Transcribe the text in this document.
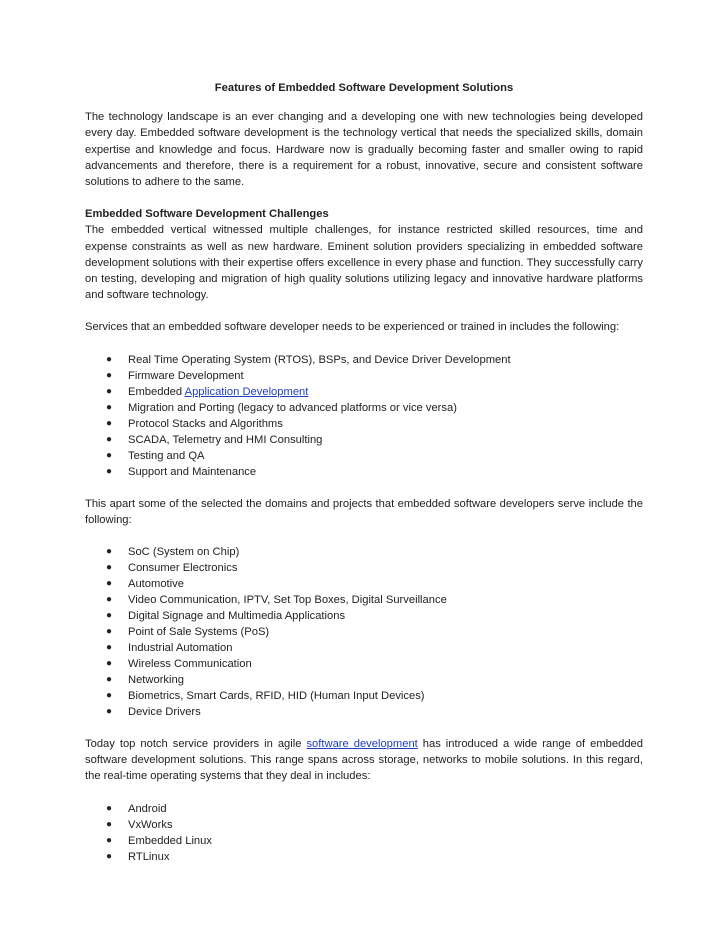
Features of Embedded Software Development Solutions

The technology landscape is an ever changing and a developing one with new technologies being developed every day. Embedded software development is the technology vertical that needs the specialized skills, domain expertise and knowledge and focus. Hardware now is gradually becoming faster and smaller owing to rapid advancements and therefore, there is a requirement for a robust, innovative, secure and consistent software solutions to adhere to the same.

Embedded Software Development Challenges

The embedded vertical witnessed multiple challenges, for instance restricted skilled resources, time and expense constraints as well as new hardware. Eminent solution providers specializing in embedded software development solutions with their expertise offers excellence in every phase and function. They successfully carry on testing, developing and migration of high quality solutions utilizing legacy and innovative hardware platforms and software technology.

Services that an embedded software developer needs to be experienced or trained in includes the following:

● Real Time Operating System (RTOS), BSPs, and Device Driver Development
● Firmware Development
● Embedded Application Development
● Migration and Porting (legacy to advanced platforms or vice versa)
● Protocol Stacks and Algorithms
● SCADA, Telemetry and HMI Consulting
● Testing and QA
● Support and Maintenance

This apart some of the selected the domains and projects that embedded software developers serve include the following:

● SoC (System on Chip)
● Consumer Electronics
● Automotive
● Video Communication, IPTV, Set Top Boxes, Digital Surveillance
● Digital Signage and Multimedia Applications
● Point of Sale Systems (PoS)
● Industrial Automation
● Wireless Communication
● Networking
● Biometrics, Smart Cards, RFID, HID (Human Input Devices)
● Device Drivers

Today top notch service providers in agile software development has introduced a wide range of embedded software development solutions. This range spans across storage, networks to mobile solutions. In this regard, the real-time operating systems that they deal in includes:

● Android
● VxWorks
● Embedded Linux
● RTLinux
